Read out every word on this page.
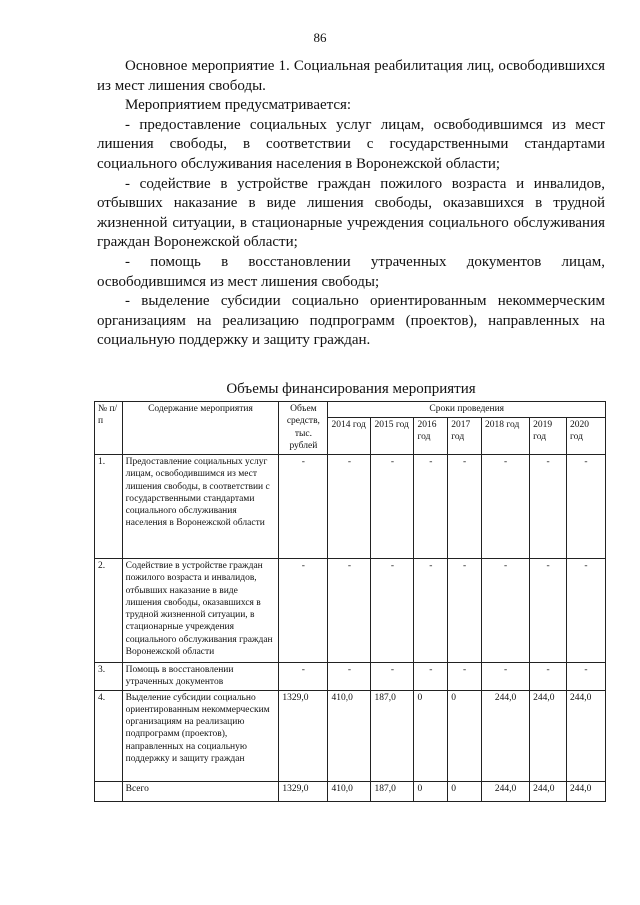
86

Основное мероприятие 1. Социальная реабилитация лиц, освободившихся из мест лишения свободы.

Мероприятием предусматривается:

- предоставление социальных услуг лицам, освободившимся из мест лишения свободы, в соответствии с государственными стандартами социального обслуживания населения в Воронежской области;

- содействие в устройстве граждан пожилого возраста и инвалидов, отбывших наказание в виде лишения свободы, оказавшихся в трудной жизненной ситуации, в стационарные учреждения социального обслуживания граждан Воронежской области;

- помощь в восстановлении утраченных документов лицам, освободившимся из мест лишения свободы;

- выделение субсидии социально ориентированным некоммерческим организациям на реализацию подпрограмм (проектов), направленных на социальную поддержку и защиту граждан.

Объемы финансирования мероприятия
№ п/п	Содержание мероприятия	Объем средств, тыс. рублей	Сроки проведения						
			2014 год	2015 год	2016 год	2017 год	2018 год	2019 год	2020 год
1.	Предоставление социальных услуг лицам, освободившимся из мест лишения свободы, в соответствии с государственными стандартами социального обслуживания населения в Воронежской области	-	-	-	-	-	-	-	-
2.	Содействие в устройстве граждан пожилого возраста и инвалидов, отбывших наказание в виде лишения свободы, оказавшихся в трудной жизненной ситуации, в стационарные учреждения социального обслуживания граждан Воронежской области	-	-	-	-	-	-	-	-
3.	Помощь в восстановлении утраченных документов	-	-	-	-	-	-	-	-
4.	Выделение субсидии социально ориентированным некоммерческим организациям на реализацию подпрограмм (проектов), направленных на социальную поддержку и защиту граждан	1329,0	410,0	187,0	0	0	244,0	244,0	244,0
	Всего	1329,0	410,0	187,0	0	0	244,0	244,0	244,0
